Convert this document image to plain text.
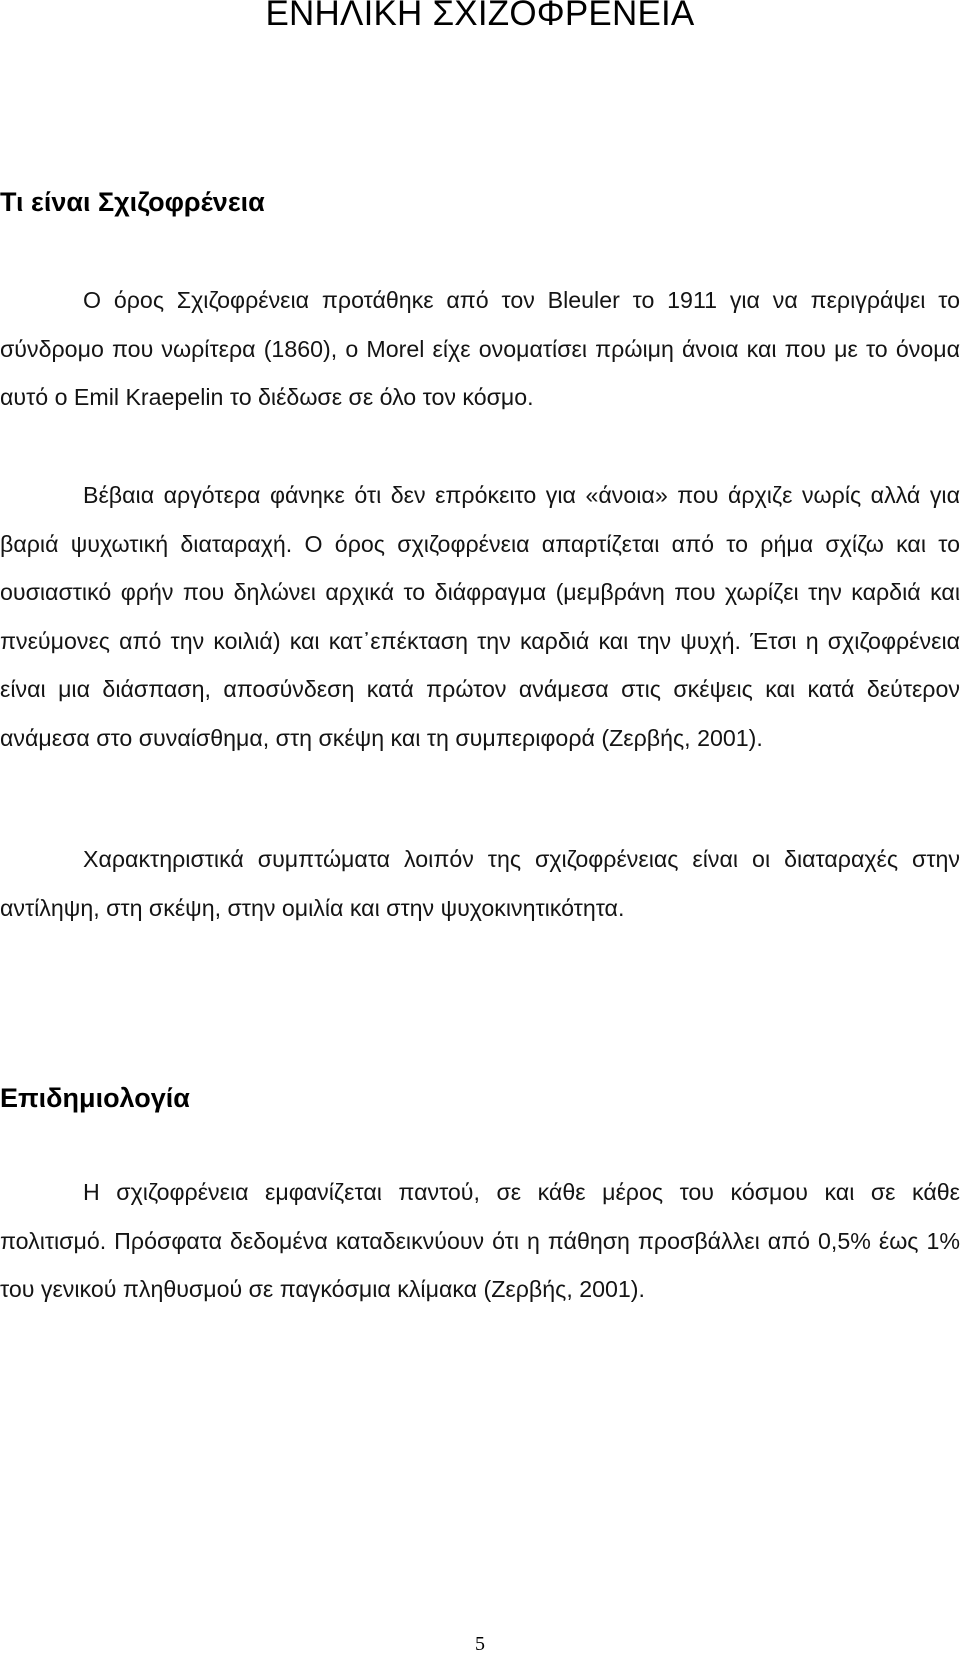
ΕΝΗΛΙΚΗ ΣΧΙΖΟΦΡΕΝΕΙΑ
Τι είναι Σχιζοφρένεια

Ο όρος Σχιζοφρένεια προτάθηκε από τον Bleuler το 1911 για να περιγράψει το σύνδρομο που νωρίτερα (1860), ο Morel είχε ονοματίσει πρώιμη άνοια και που με το όνομα αυτό ο Emil Kraepelin το διέδωσε σε όλο τον κόσμο.

Βέβαια αργότερα φάνηκε ότι δεν επρόκειτο για «άνοια» που άρχιζε νωρίς αλλά για βαριά ψυχωτική διαταραχή. Ο όρος σχιζοφρένεια απαρτίζεται από το ρήμα σχίζω και το ουσιαστικό φρήν που δηλώνει αρχικά το διάφραγμα (μεμβράνη που χωρίζει την καρδιά και πνεύμονες από την κοιλιά) και κατ᾽επέκταση την καρδιά και την ψυχή. Έτσι η σχιζοφρένεια είναι μια διάσπαση, αποσύνδεση κατά πρώτον ανάμεσα στις σκέψεις και κατά δεύτερον ανάμεσα στο συναίσθημα, στη σκέψη και τη συμπεριφορά (Ζερβής, 2001).

Χαρακτηριστικά συμπτώματα λοιπόν της σχιζοφρένειας είναι οι διαταραχές στην αντίληψη, στη σκέψη, στην ομιλία και στην ψυχοκινητικότητα.

Επιδημιολογία

Η σχιζοφρένεια εμφανίζεται παντού, σε κάθε μέρος του κόσμου και σε κάθε πολιτισμό. Πρόσφατα δεδομένα καταδεικνύουν ότι η πάθηση προσβάλλει από 0,5% έως 1% του γενικού πληθυσμού σε παγκόσμια κλίμακα (Ζερβής, 2001).

5
